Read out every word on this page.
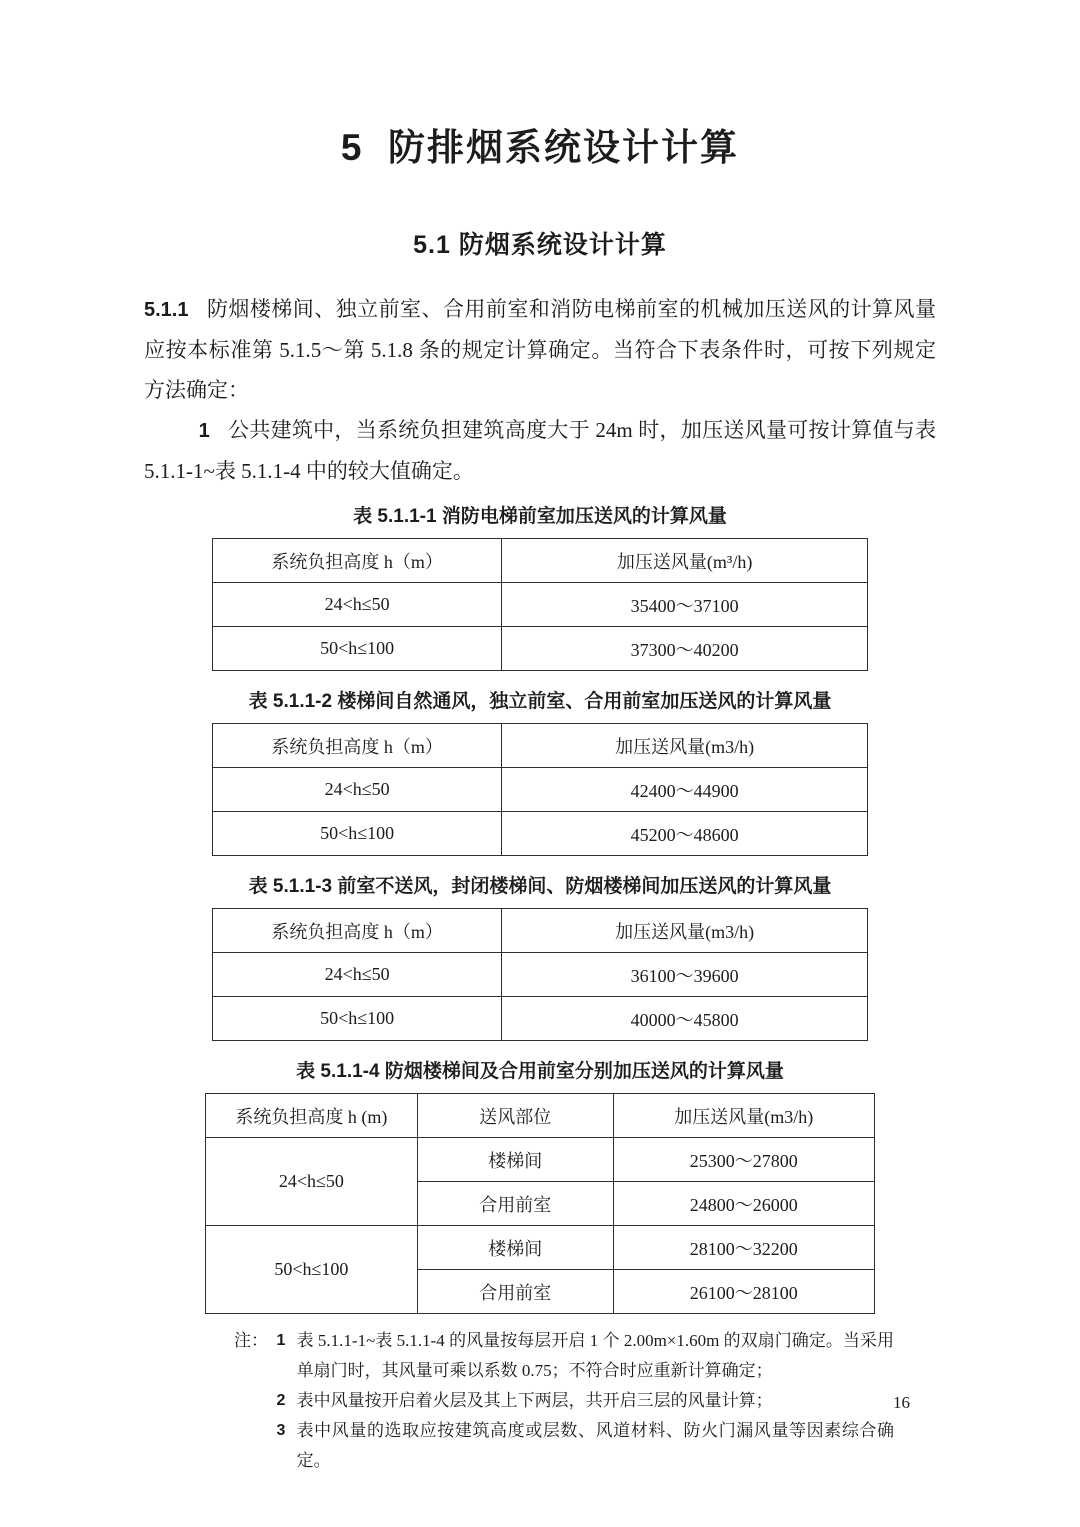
5  防排烟系统设计计算
5.1 防烟系统设计计算

5.1.1 防烟楼梯间、独立前室、合用前室和消防电梯前室的机械加压送风的计算风量应按本标准第 5.1.5～第 5.1.8 条的规定计算确定。当符合下表条件时，可按下列规定方法确定：

1 公共建筑中，当系统负担建筑高度大于 24m 时，加压送风量可按计算值与表 5.1.1-1~表 5.1.1-4 中的较大值确定。

表 5.1.1-1 消防电梯前室加压送风的计算风量
系统负担高度 h（m）	加压送风量(m³/h)
24<h≤50	35400～37100
50<h≤100	37300～40200
表 5.1.1-2 楼梯间自然通风，独立前室、合用前室加压送风的计算风量
系统负担高度 h（m）	加压送风量(m3/h)
24<h≤50	42400～44900
50<h≤100	45200～48600
表 5.1.1-3 前室不送风，封闭楼梯间、防烟楼梯间加压送风的计算风量
系统负担高度 h（m）	加压送风量(m3/h)
24<h≤50	36100～39600
50<h≤100	40000～45800
表 5.1.1-4 防烟楼梯间及合用前室分别加压送风的计算风量
系统负担高度 h (m)	送风部位	加压送风量(m3/h)
24<h≤50	楼梯间	25300～27800
	合用前室	24800～26000
50<h≤100	楼梯间	28100～32200
	合用前室	26100～28100
注： 1 表 5.1.1-1~表 5.1.1-4 的风量按每层开启 1 个 2.00m×1.60m 的双扇门确定。当采用单扇门时，其风量可乘以系数 0.75；不符合时应重新计算确定；
2 表中风量按开启着火层及其上下两层，共开启三层的风量计算；
3 表中风量的选取应按建筑高度或层数、风道材料、防火门漏风量等因素综合确定。
16
